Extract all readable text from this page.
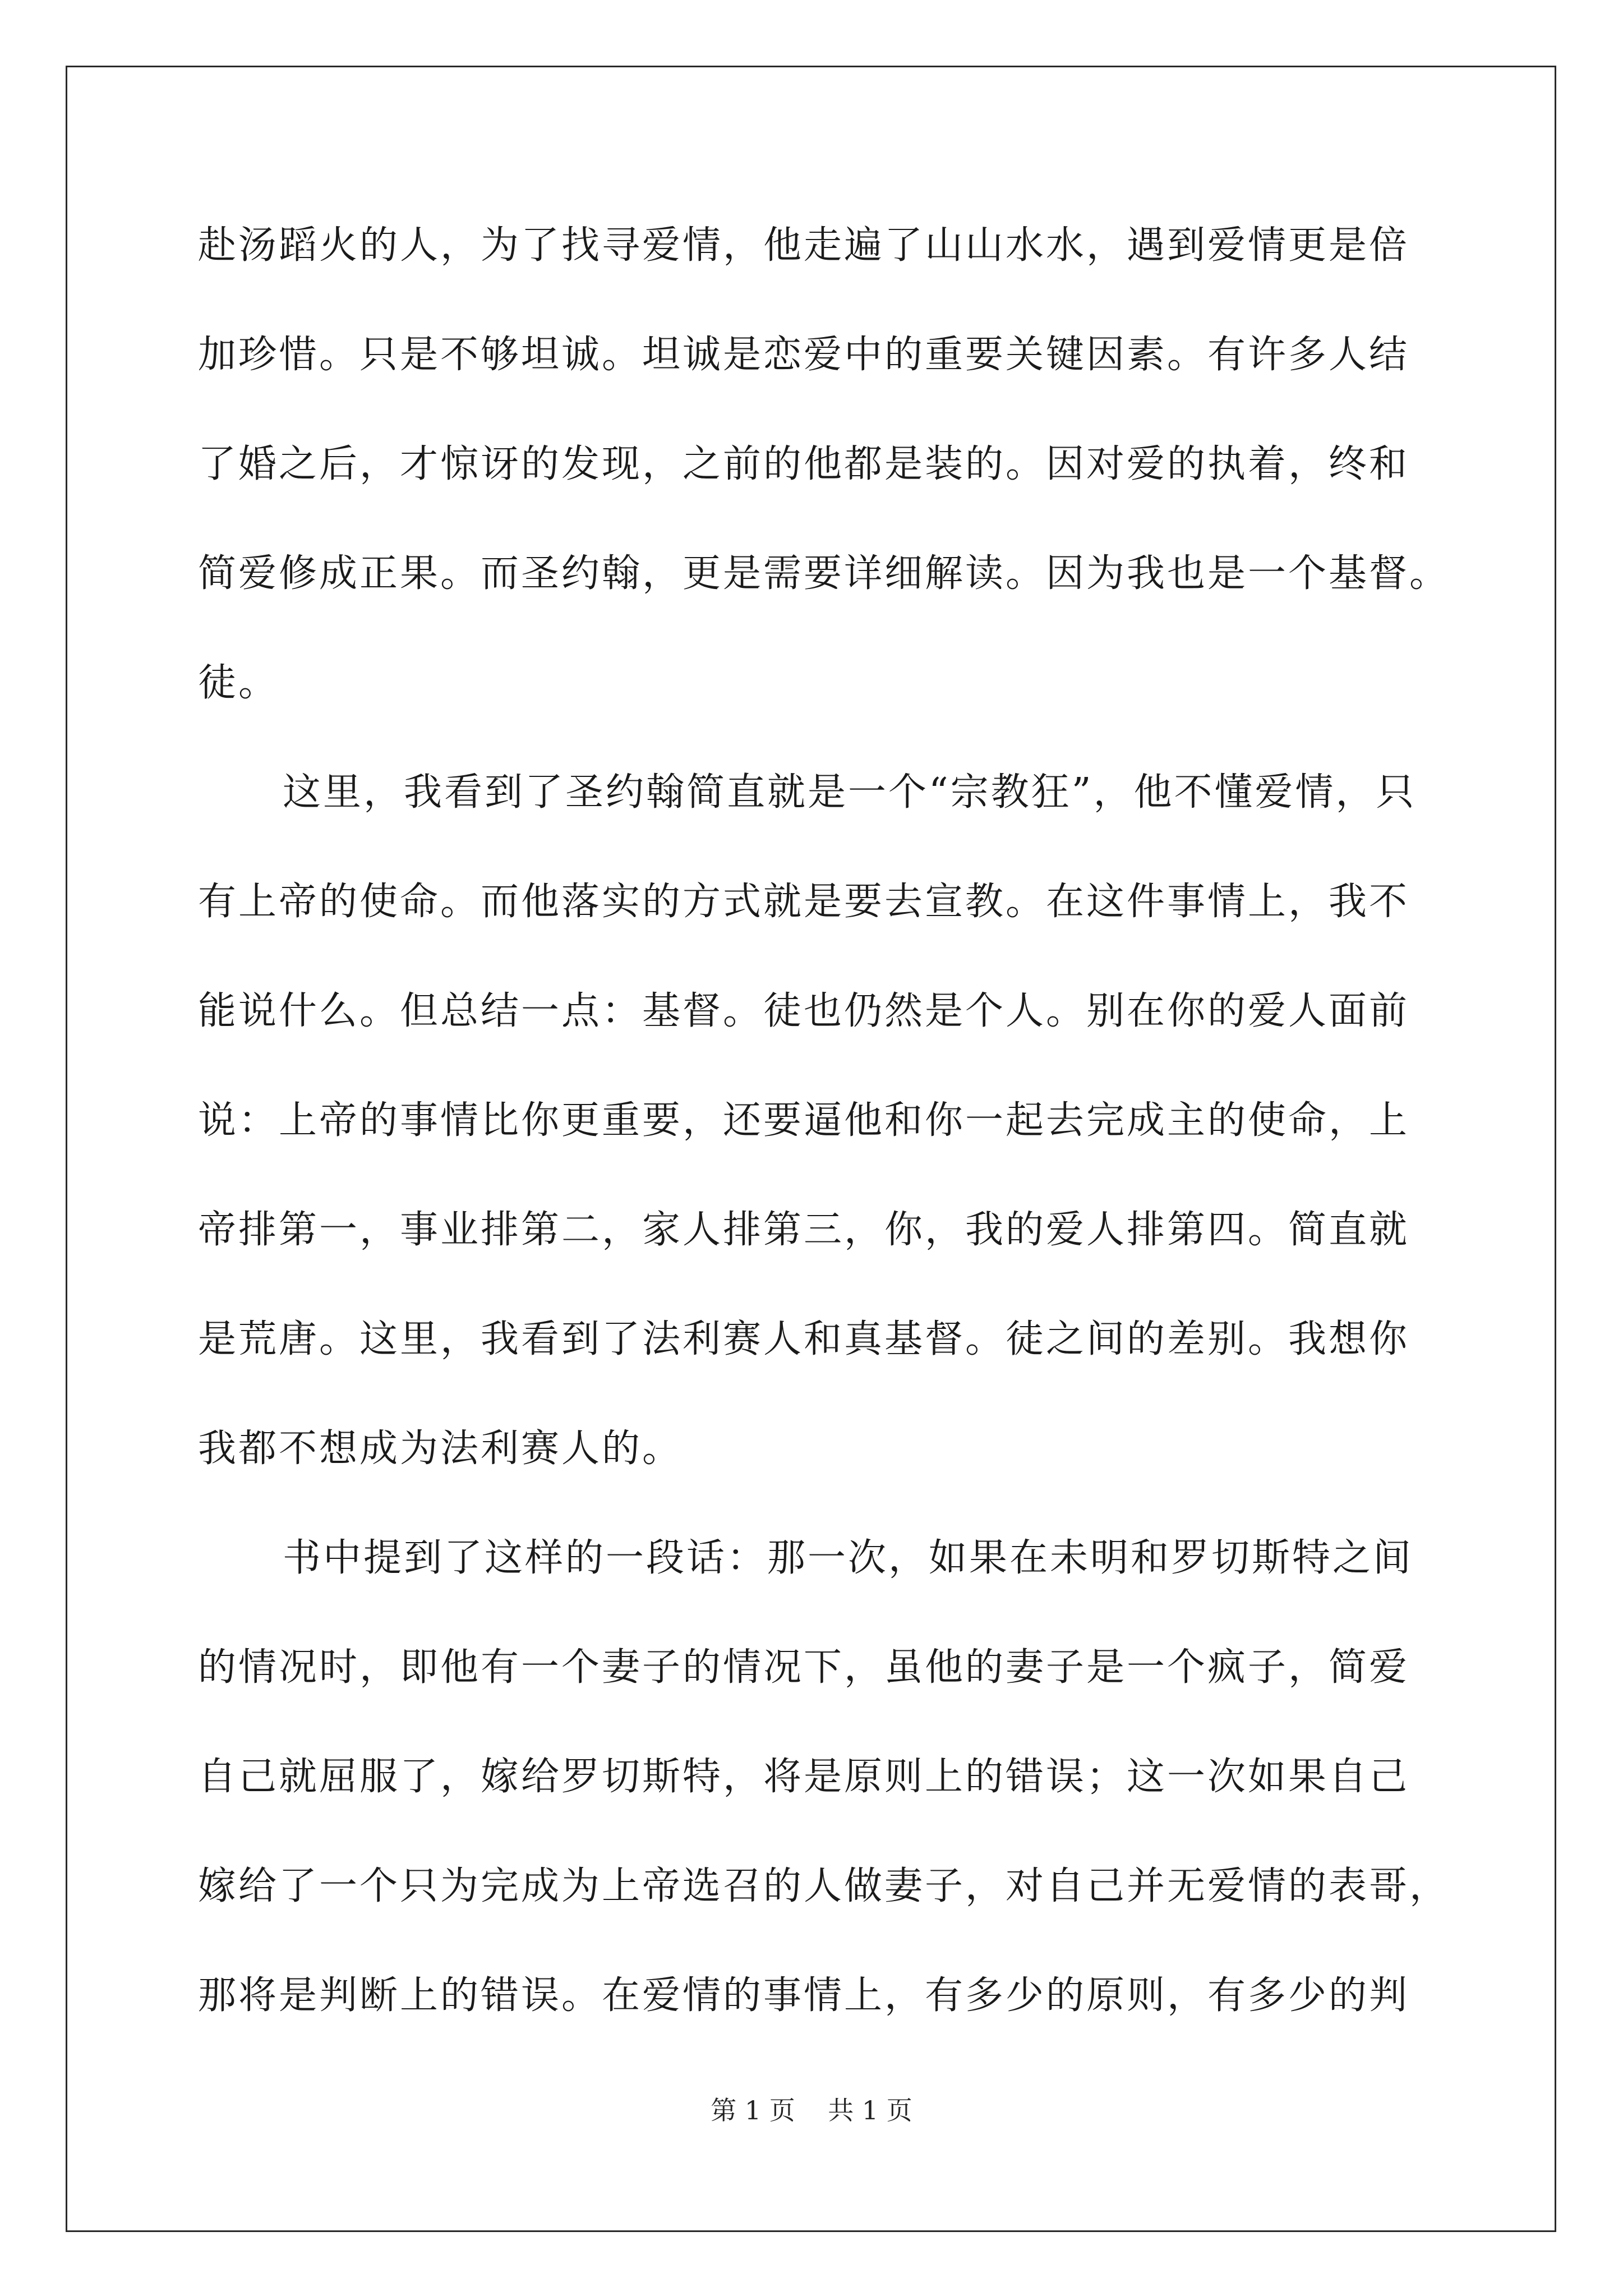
赴汤蹈火的人，为了找寻爱情，他走遍了山山水水，遇到爱情更是倍
加珍惜。只是不够坦诚。坦诚是恋爱中的重要关键因素。有许多人结
了婚之后，才惊讶的发现，之前的他都是装的。因对爱的执着，终和
简爱修成正果。而圣约翰，更是需要详细解读。因为我也是一个基督。
徒。
这里，我看到了圣约翰简直就是一个“宗教狂”，他不懂爱情，只
有上帝的使命。而他落实的方式就是要去宣教。在这件事情上，我不
能说什么。但总结一点：基督。徒也仍然是个人。别在你的爱人面前
说：上帝的事情比你更重要，还要逼他和你一起去完成主的使命，上
帝排第一，事业排第二，家人排第三，你，我的爱人排第四。简直就
是荒唐。这里，我看到了法利赛人和真基督。徒之间的差别。我想你
我都不想成为法利赛人的。
书中提到了这样的一段话：那一次，如果在未明和罗切斯特之间
的情况时，即他有一个妻子的情况下，虽他的妻子是一个疯子，简爱
自己就屈服了，嫁给罗切斯特，将是原则上的错误；这一次如果自己
嫁给了一个只为完成为上帝选召的人做妻子，对自己并无爱情的表哥，
那将是判断上的错误。在爱情的事情上，有多少的原则，有多少的判
第 1 页    共 1 页
